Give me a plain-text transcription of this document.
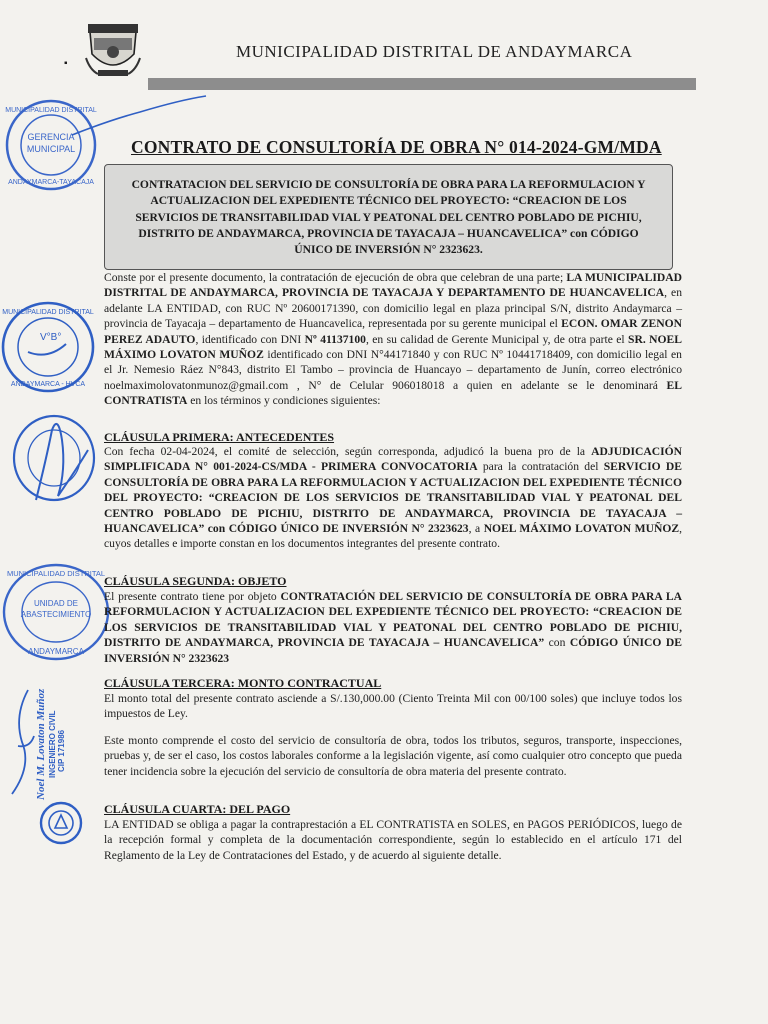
▪
MUNICIPALIDAD DISTRITAL DE ANDAYMARCA
GERENCIA
MUNICIPAL
MUNICIPALIDAD DISTRITAL
ANDAYMARCA-TAYACAJA
V°B°
MUNICIPALIDAD DISTRITAL
ANDAYMARCA - HVCA
UNIDAD DE
ABASTECIMIENTO
MUNICIPALIDAD DISTRITAL
ANDAYMARCA
Noel M. Lovaton Muñoz INGENIERO CIVIL CIP 171986
CONTRATO DE CONSULTORÍA DE OBRA N° 014-2024-GM/MDA
CONTRATACION DEL SERVICIO DE CONSULTORÍA DE OBRA PARA LA REFORMULACION Y ACTUALIZACION DEL EXPEDIENTE TÉCNICO DEL PROYECTO: “CREACION DE LOS SERVICIOS DE TRANSITABILIDAD VIAL Y PEATONAL DEL CENTRO POBLADO DE PICHIU, DISTRITO DE ANDAYMARCA, PROVINCIA DE TAYACAJA – HUANCAVELICA” con CÓDIGO ÚNICO DE INVERSIÓN N° 2323623.
Conste por el presente documento, la contratación de ejecución de obra que celebran de una parte; LA MUNICIPALIDAD DISTRITAL DE ANDAYMARCA, PROVINCIA DE TAYACAJA Y DEPARTAMENTO DE HUANCAVELICA, en adelante LA ENTIDAD, con RUC Nº 20600171390, con domicilio legal en plaza principal S/N, distrito Andaymarca – provincia de Tayacaja – departamento de Huancavelica, representada por su gerente municipal el ECON. OMAR ZENON PEREZ ADAUTO, identificado con DNI Nº 41137100, en su calidad de Gerente Municipal y, de otra parte el SR. NOEL MÁXIMO LOVATON MUÑOZ identificado con DNI N°44171840 y con RUC Nº 10441718409, con domicilio legal en el Jr. Nemesio Ráez N°843, distrito El Tambo – provincia de Huancayo – departamento de Junín, correo electrónico noelmaximolovatonmunoz@gmail.com , N° de Celular 906018018 a quien en adelante se le denominará EL CONTRATISTA en los términos y condiciones siguientes:
CLÁUSULA PRIMERA: ANTECEDENTES
Con fecha 02-04-2024, el comité de selección, según corresponda, adjudicó la buena pro de la ADJUDICACIÓN SIMPLIFICADA N° 001-2024-CS/MDA - PRIMERA CONVOCATORIA para la contratación del SERVICIO DE CONSULTORÍA DE OBRA PARA LA REFORMULACION Y ACTUALIZACION DEL EXPEDIENTE TÉCNICO DEL PROYECTO: “CREACION DE LOS SERVICIOS DE TRANSITABILIDAD VIAL Y PEATONAL DEL CENTRO POBLADO DE PICHIU, DISTRITO DE ANDAYMARCA, PROVINCIA DE TAYACAJA – HUANCAVELICA” con CÓDIGO ÚNICO DE INVERSIÓN N° 2323623, a NOEL MÁXIMO LOVATON MUÑOZ, cuyos detalles e importe constan en los documentos integrantes del presente contrato.
CLÁUSULA SEGUNDA: OBJETO
El presente contrato tiene por objeto CONTRATACIÓN DEL SERVICIO DE CONSULTORÍA DE OBRA PARA LA REFORMULACION Y ACTUALIZACION DEL EXPEDIENTE TÉCNICO DEL PROYECTO: “CREACION DE LOS SERVICIOS DE TRANSITABILIDAD VIAL Y PEATONAL DEL CENTRO POBLADO DE PICHIU, DISTRITO DE ANDAYMARCA, PROVINCIA DE TAYACAJA – HUANCAVELICA” con CÓDIGO ÚNICO DE INVERSIÓN N° 2323623
CLÁUSULA TERCERA: MONTO CONTRACTUAL
El monto total del presente contrato asciende a S/.130,000.00 (Ciento Treinta Mil con 00/100 soles) que incluye todos los impuestos de Ley.
Este monto comprende el costo del servicio de consultoría de obra, todos los tributos, seguros, transporte, inspecciones, pruebas y, de ser el caso, los costos laborales conforme a la legislación vigente, así como cualquier otro concepto que pueda tener incidencia sobre la ejecución del servicio de consultoría de obra materia del presente contrato.
CLÁUSULA CUARTA: DEL PAGO
LA ENTIDAD se obliga a pagar la contraprestación a EL CONTRATISTA en SOLES, en PAGOS PERIÓDICOS, luego de la recepción formal y completa de la documentación correspondiente, según lo establecido en el artículo 171 del Reglamento de la Ley de Contrataciones del Estado, y de acuerdo al siguiente detalle.
